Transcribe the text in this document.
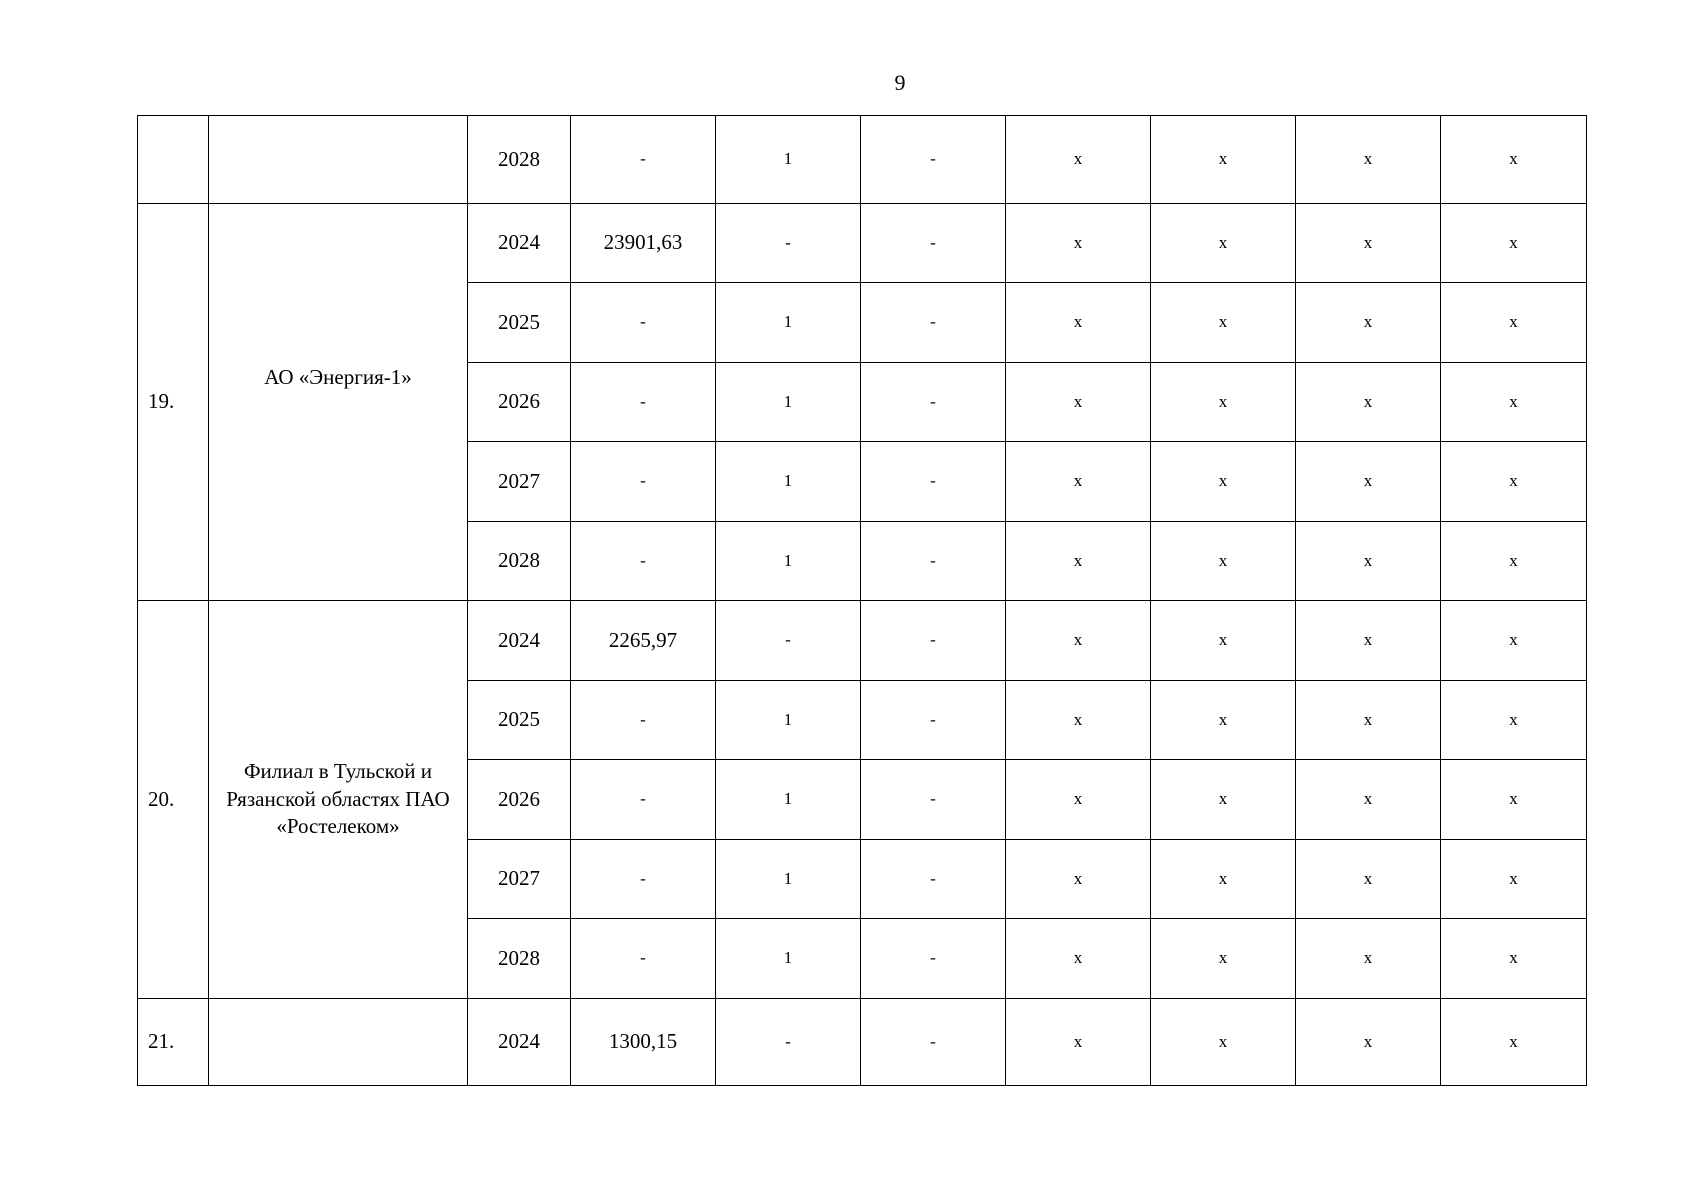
9
		2028	-	1	-	x	x	x	x
19.	АО «Энергия-1»	2024	23901,63	-	-	x	x	x	x
		2025	-	1	-	x	x	x	x
		2026	-	1	-	x	x	x	x
		2027	-	1	-	x	x	x	x
		2028	-	1	-	x	x	x	x
20.	Филиал в Тульской и Рязанской областях ПАО «Ростелеком»	2024	2265,97	-	-	x	x	x	x
		2025	-	1	-	x	x	x	x
		2026	-	1	-	x	x	x	x
		2027	-	1	-	x	x	x	x
		2028	-	1	-	x	x	x	x
21.		2024	1300,15	-	-	x	x	x	x
